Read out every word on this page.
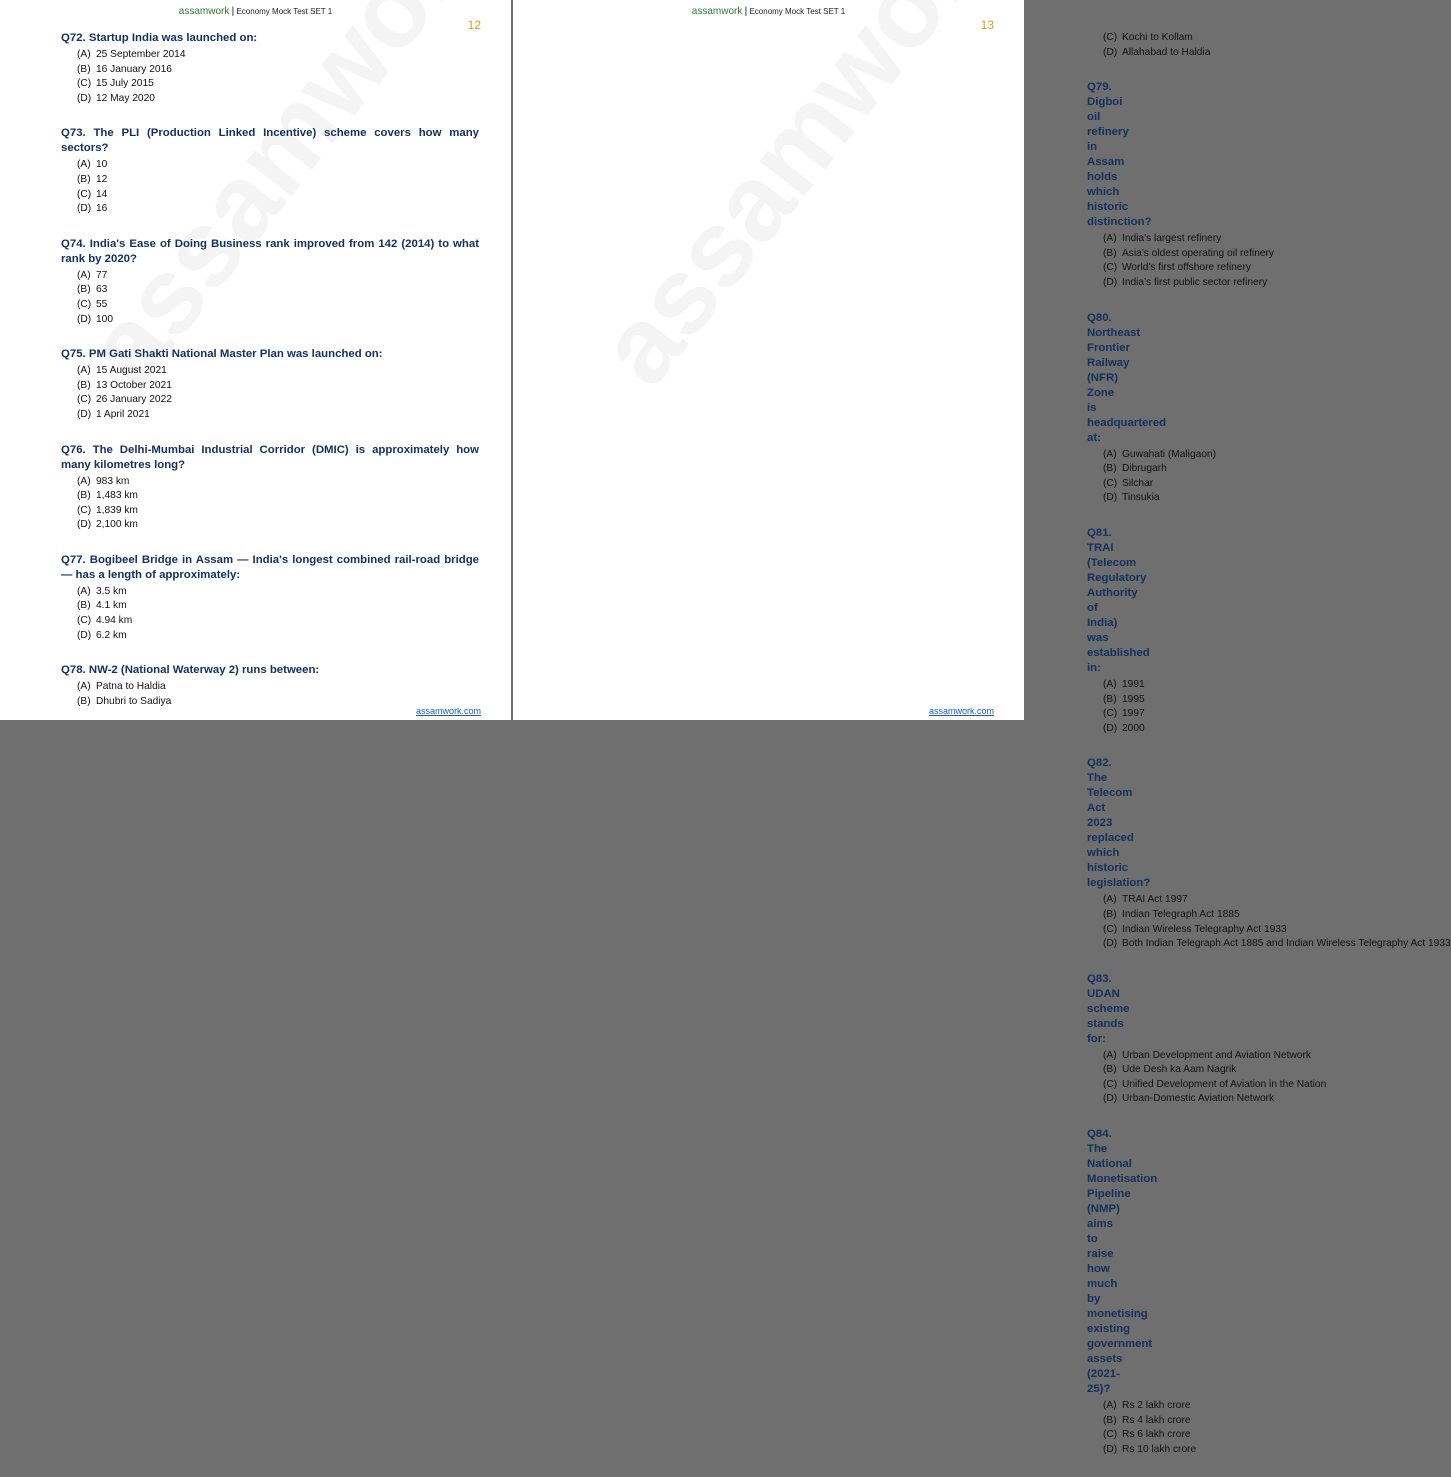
assamwork | Economy Mock Test SET 1
12
Q72. Startup India was launched on:
(A) 25 September 2014
(B) 16 January 2016
(C) 15 July 2015
(D) 12 May 2020
Q73. The PLI (Production Linked Incentive) scheme covers how many sectors?
(A) 10
(B) 12
(C) 14
(D) 16
Q74. India's Ease of Doing Business rank improved from 142 (2014) to what rank by 2020?
(A) 77
(B) 63
(C) 55
(D) 100
Q75. PM Gati Shakti National Master Plan was launched on:
(A) 15 August 2021
(B) 13 October 2021
(C) 26 January 2022
(D) 1 April 2021
Q76. The Delhi-Mumbai Industrial Corridor (DMIC) is approximately how many kilometres long?
(A) 983 km
(B) 1,483 km
(C) 1,839 km
(D) 2,100 km
Q77. Bogibeel Bridge in Assam — India's longest combined rail-road bridge — has a length of approximately:
(A) 3.5 km
(B) 4.1 km
(C) 4.94 km
(D) 6.2 km
Q78. NW-2 (National Waterway 2) runs between:
(A) Patna to Haldia
(B) Dhubri to Sadiya
assamwork.com
assamwork | Economy Mock Test SET 1
13
(C) Kochi to Kollam
(D) Allahabad to Haldia
Q79. Digboi oil refinery in Assam holds which historic distinction?
(A) India's largest refinery
(B) Asia's oldest operating oil refinery
(C) World's first offshore refinery
(D) India's first public sector refinery
Q80. Northeast Frontier Railway (NFR) Zone is headquartered at:
(A) Guwahati (Maligaon)
(B) Dibrugarh
(C) Silchar
(D) Tinsukia
Q81. TRAI (Telecom Regulatory Authority of India) was established in:
(A) 1991
(B) 1995
(C) 1997
(D) 2000
Q82. The Telecom Act 2023 replaced which historic legislation?
(A) TRAI Act 1997
(B) Indian Telegraph Act 1885
(C) Indian Wireless Telegraphy Act 1933
(D) Both Indian Telegraph Act 1885 and Indian Wireless Telegraphy Act 1933
Q83. UDAN scheme stands for:
(A) Urban Development and Aviation Network
(B) Ude Desh ka Aam Nagrik
(C) Unified Development of Aviation in the Nation
(D) Urban-Domestic Aviation Network
Q84. The National Monetisation Pipeline (NMP) aims to raise how much by monetising existing government assets (2021-25)?
(A) Rs 2 lakh crore
(B) Rs 4 lakh crore
(C) Rs 6 lakh crore
(D) Rs 10 lakh crore
assamwork.com
